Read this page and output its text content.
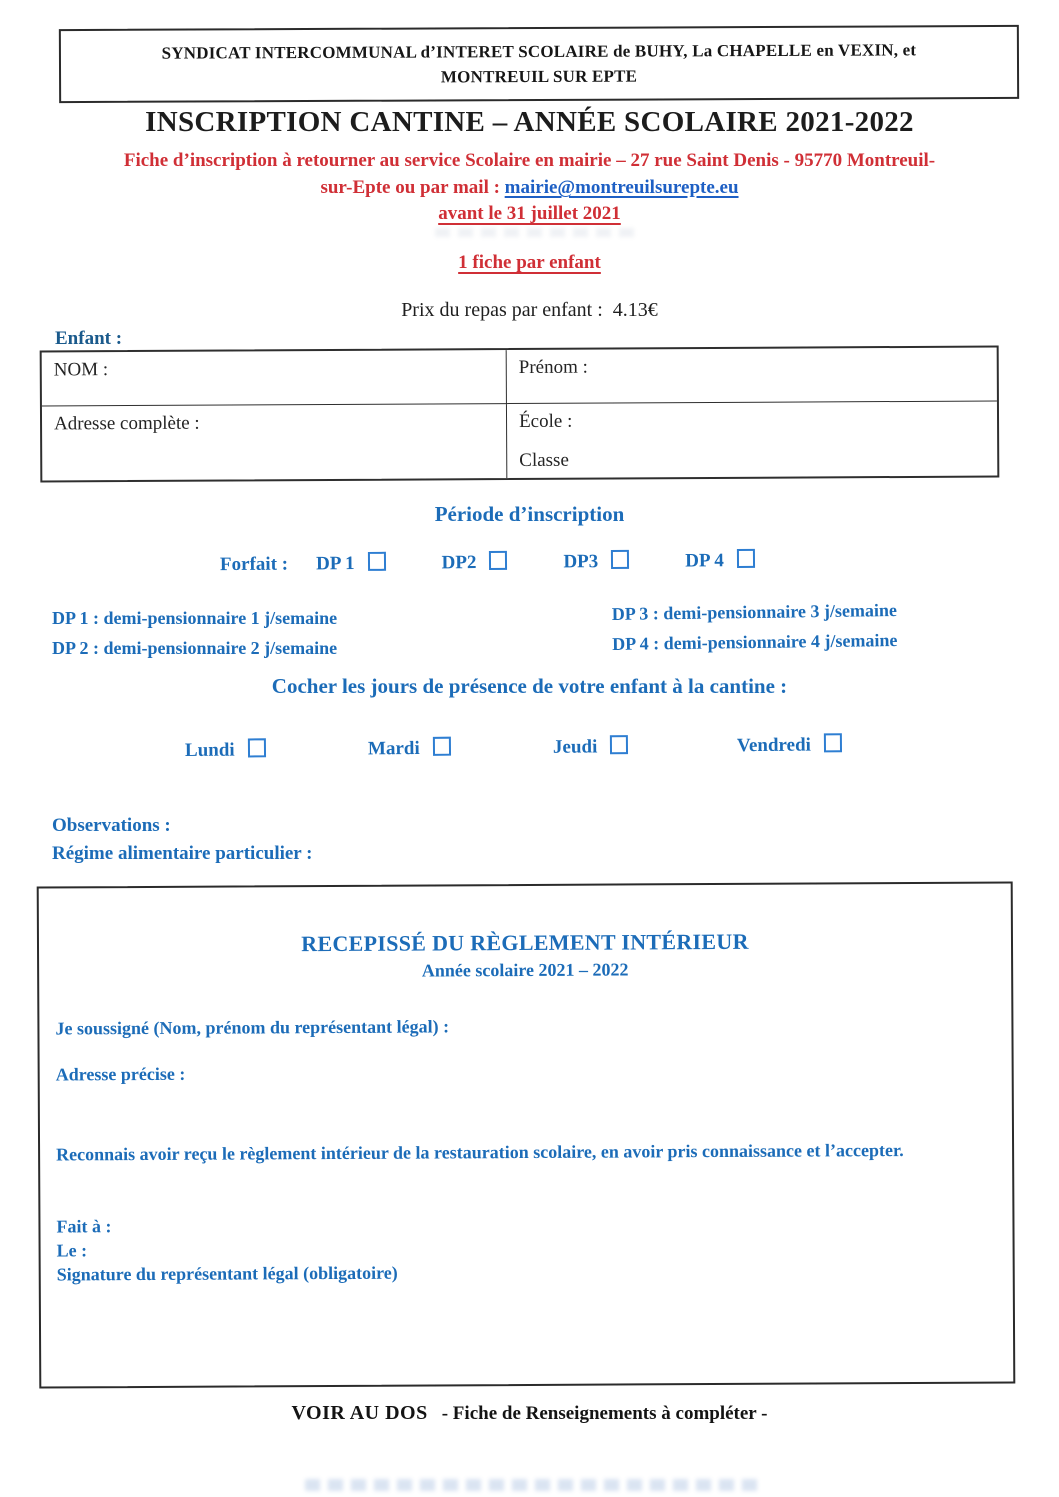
SYNDICAT INTERCOMMUNAL d’INTERET SCOLAIRE de BUHY, La CHAPELLE en VEXIN, et
MONTREUIL SUR EPTE
INSCRIPTION CANTINE – ANNÉE SCOLAIRE 2021-2022
Fiche d’inscription à retourner au service Scolaire en mairie – 27 rue Saint Denis - 95770 Montreuil-
sur-Epte ou par mail : mairie@montreuilsurepte.eu
avant le 31 juillet 2021
1 fiche par enfant
Prix du repas par enfant : 4.13€
Enfant :
NOM :	Prénom :
Adresse complète :	École :
Classe
Période d’inscription
Forfait : DP 1	DP2	DP3	DP 4
DP 1 : demi-pensionnaire 1 j/semaine
DP 2 : demi-pensionnaire 2 j/semaine
DP 3 : demi-pensionnaire 3 j/semaine
DP 4 : demi-pensionnaire 4 j/semaine
Cocher les jours de présence de votre enfant à la cantine :
Lundi	Mardi	Jeudi	Vendredi
Observations :
Régime alimentaire particulier :
RECEPISSÉ DU RÈGLEMENT INTÉRIEUR
Année scolaire 2021 – 2022
Je soussigné (Nom, prénom du représentant légal) :
Adresse précise :
Reconnais avoir reçu le règlement intérieur de la restauration scolaire, en avoir pris connaissance et l’accepter.
Fait à :
Le :
Signature du représentant légal (obligatoire)
VOIR AU DOS - Fiche de Renseignements à compléter -
